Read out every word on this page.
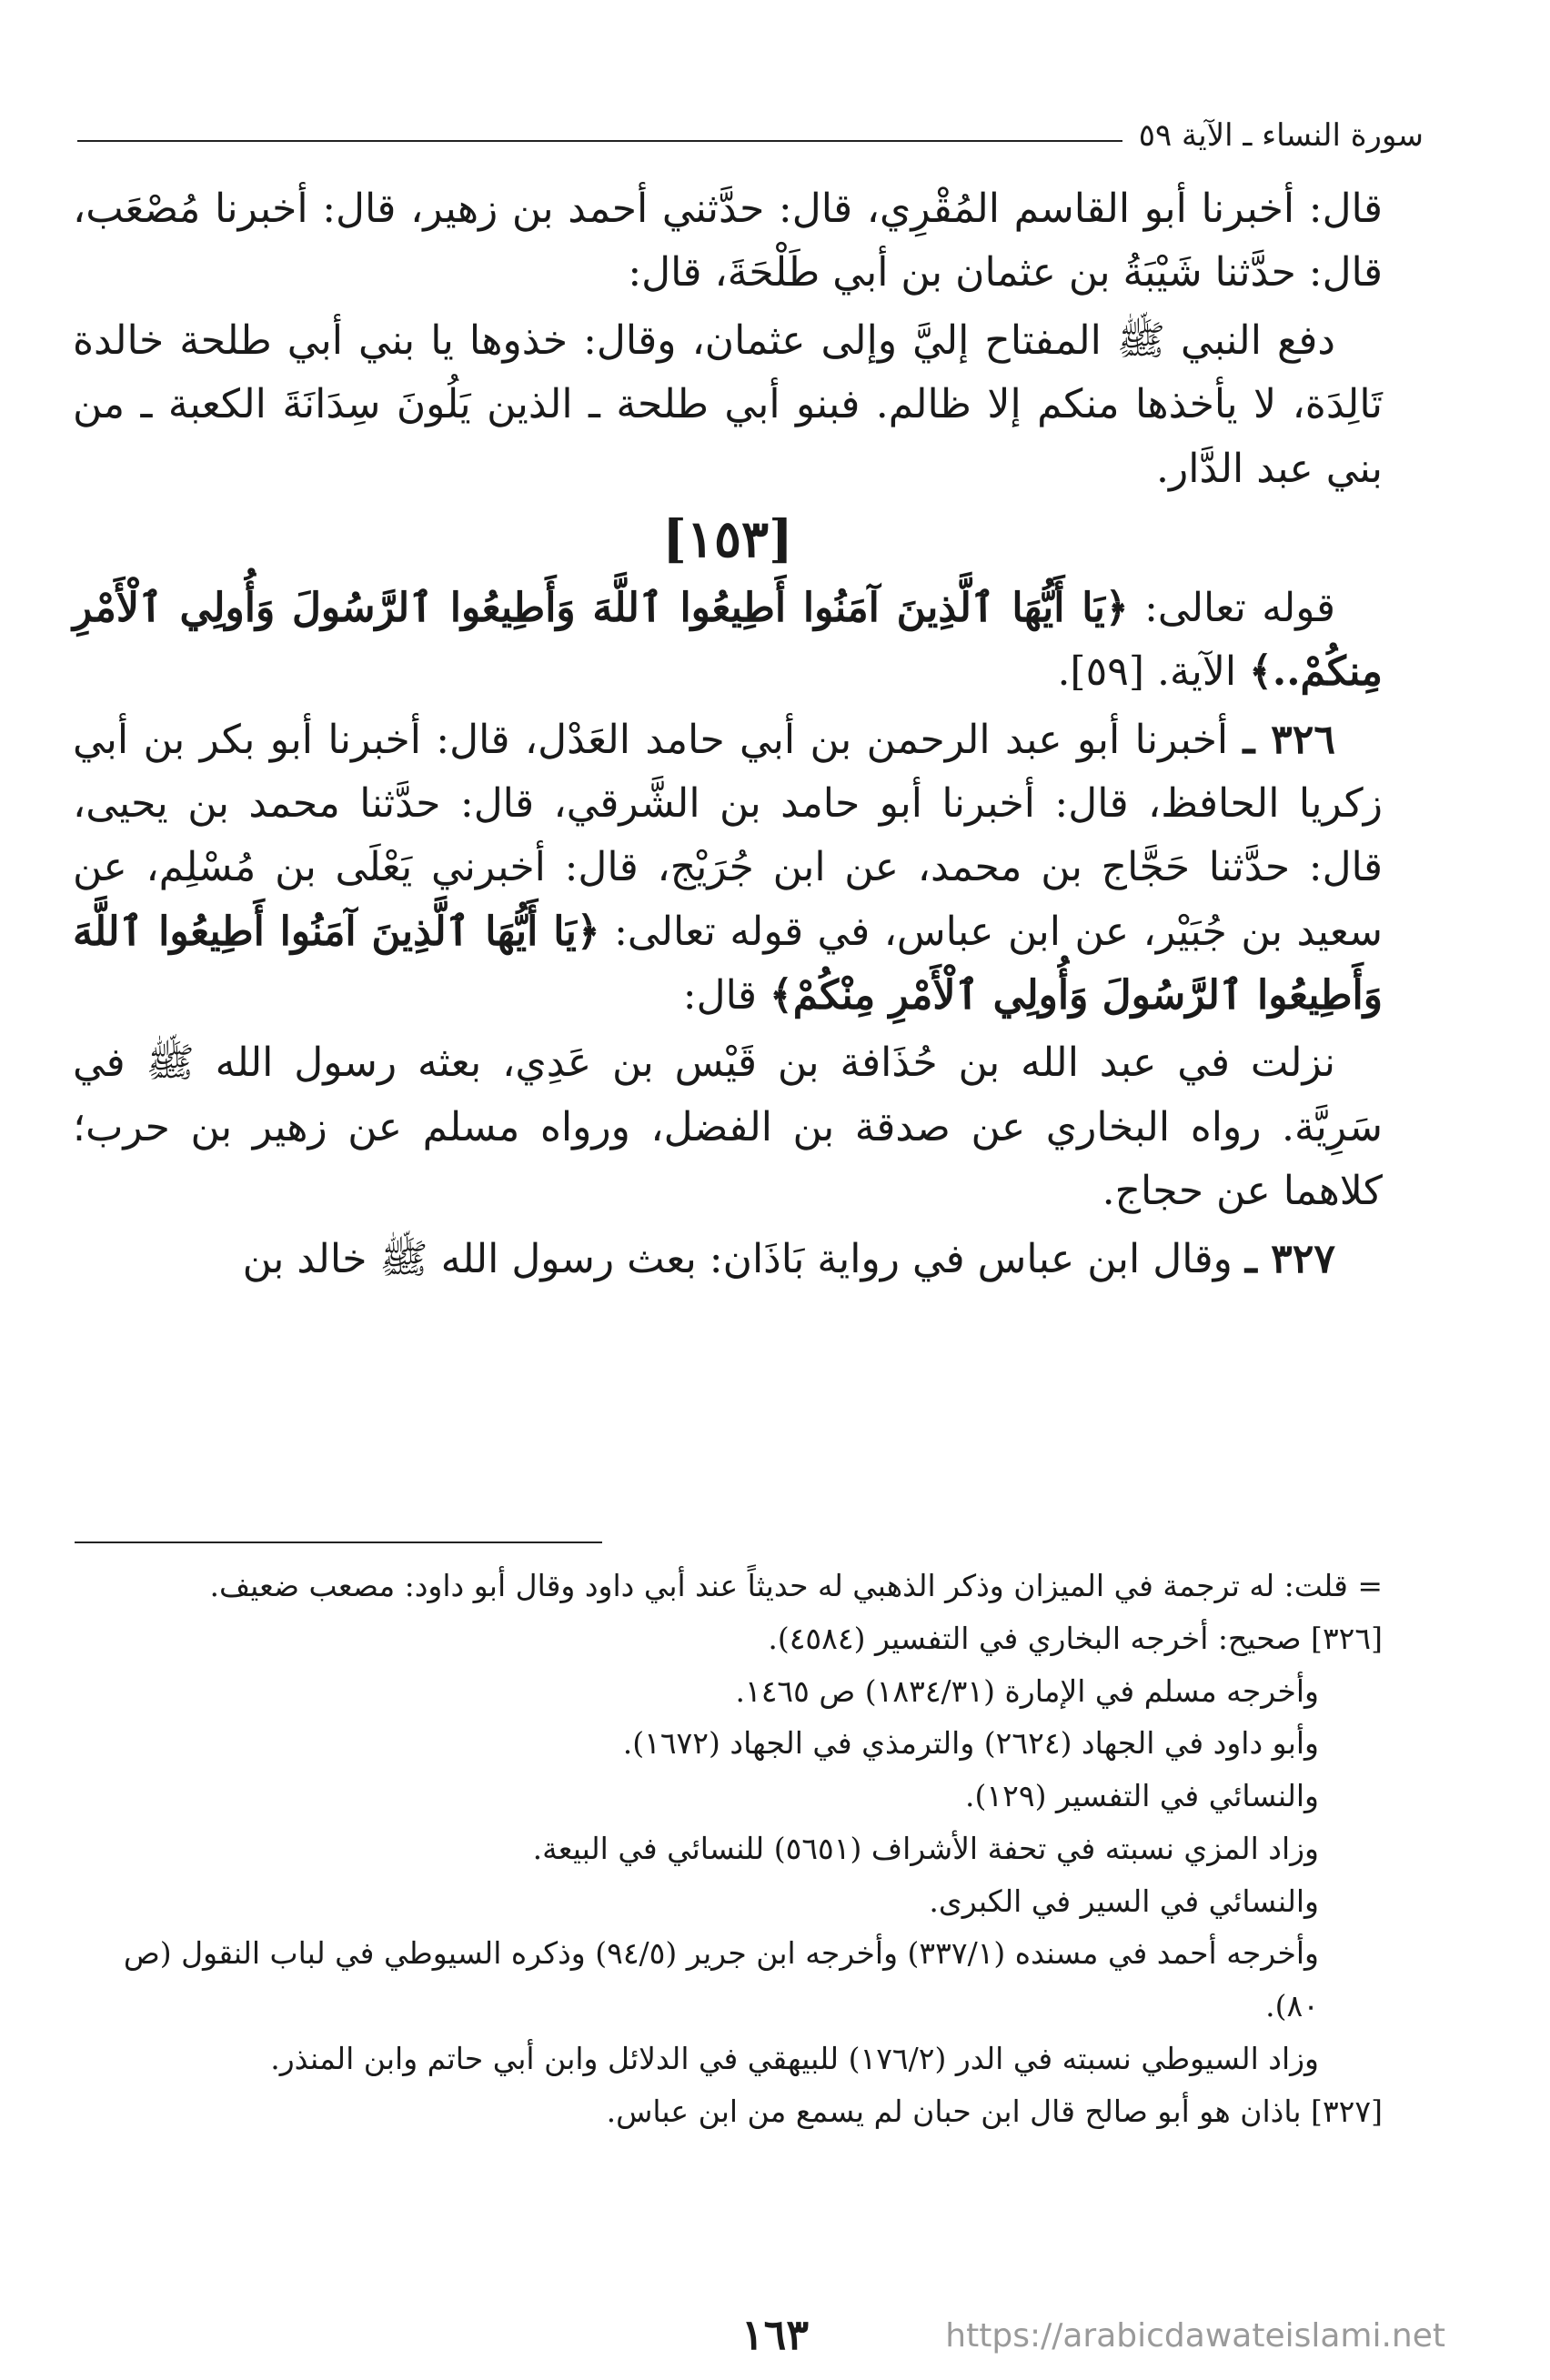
سورة النساء ـ الآية ٥٩

قال: أخبرنا أبو القاسم المُقْرِي، قال: حدَّثني أحمد بن زهير، قال: أخبرنا مُصْعَب، قال: حدَّثنا شَيْبَةُ بن عثمان بن أبي طَلْحَةَ، قال:

دفع النبي ﷺ المفتاح إليَّ وإلى عثمان، وقال: خذوها يا بني أبي طلحة خالدة تَالِدَة، لا يأخذها منكم إلا ظالم. فبنو أبي طلحة ـ الذين يَلُونَ سِدَانَةَ الكعبة ـ من بني عبد الدَّار.

[١٥٣]

قوله تعالى: ﴿يَا أَيُّهَا ٱلَّذِينَ آمَنُوا أَطِيعُوا ٱللَّهَ وَأَطِيعُوا ٱلرَّسُولَ وَأُولِي ٱلْأَمْرِ مِنكُمْ..﴾ الآية. [٥٩].

٣٢٦ ـ أخبرنا أبو عبد الرحمن بن أبي حامد العَدْل، قال: أخبرنا أبو بكر بن أبي زكريا الحافظ، قال: أخبرنا أبو حامد بن الشَّرقي، قال: حدَّثنا محمد بن يحيى، قال: حدَّثنا حَجَّاج بن محمد، عن ابن جُرَيْج، قال: أخبرني يَعْلَى بن مُسْلِم، عن سعيد بن جُبَيْر، عن ابن عباس، في قوله تعالى: ﴿يَا أَيُّهَا ٱلَّذِينَ آمَنُوا أَطِيعُوا ٱللَّهَ وَأَطِيعُوا ٱلرَّسُولَ وَأُولِي ٱلْأَمْرِ مِنْكُمْ﴾ قال:

نزلت في عبد الله بن حُذَافة بن قَيْس بن عَدِي، بعثه رسول الله ﷺ في سَرِيَّة. رواه البخاري عن صدقة بن الفضل، ورواه مسلم عن زهير بن حرب؛ كلاهما عن حجاج.

٣٢٧ ـ وقال ابن عباس في رواية بَاذَان: بعث رسول الله ﷺ خالد بن

= قلت: له ترجمة في الميزان وذكر الذهبي له حديثاً عند أبي داود وقال أبو داود: مصعب ضعيف.

[٣٢٦] صحيح: أخرجه البخاري في التفسير (٤٥٨٤).

وأخرجه مسلم في الإمارة (١٨٣٤/٣١) ص ١٤٦٥.

وأبو داود في الجهاد (٢٦٢٤) والترمذي في الجهاد (١٦٧٢).

والنسائي في التفسير (١٢٩).

وزاد المزي نسبته في تحفة الأشراف (٥٦٥١) للنسائي في البيعة.

والنسائي في السير في الكبرى.

وأخرجه أحمد في مسنده (٣٣٧/١) وأخرجه ابن جرير (٩٤/٥) وذكره السيوطي في لباب النقول (ص ٨٠).

وزاد السيوطي نسبته في الدر (١٧٦/٢) للبيهقي في الدلائل وابن أبي حاتم وابن المنذر.

[٣٢٧] باذان هو أبو صالح قال ابن حبان لم يسمع من ابن عباس.

١٦٣	https://arabicdawateislami.net
